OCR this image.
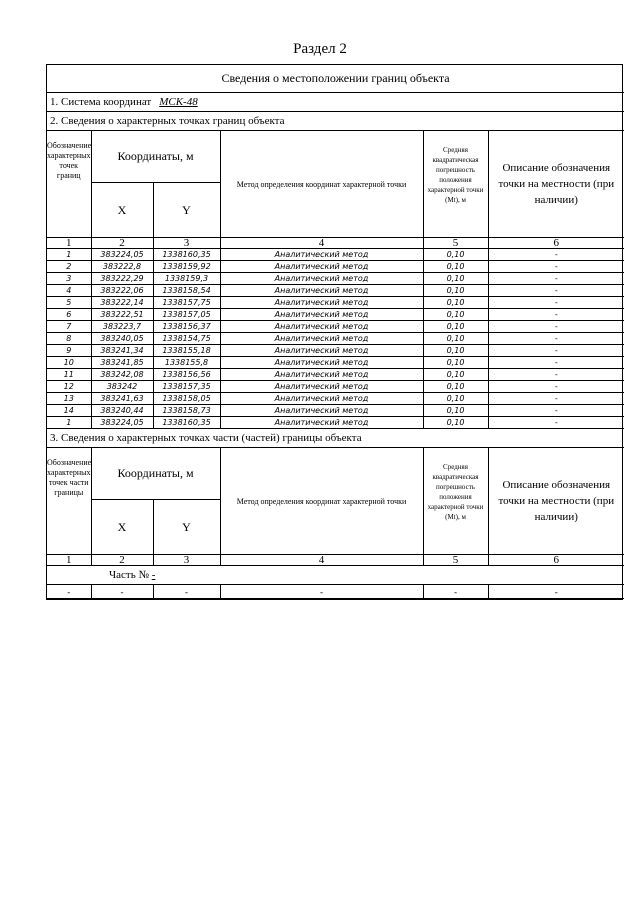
Раздел 2
Сведения о местоположении границ объекта					
1. Система координат МСК-48					
2. Сведения о характерных точках границ объекта					
Обозначение характерных точек границ	Координаты, м		Метод определения координат характерной точки	Средняя квадратическая погрешность положения характерной точки (Mt), м	Описание обозначения точки на местности (при наличии)
	X	Y			
1	2	3	4	5	6
1	383224,05	1338160,35	Аналитический метод	0,10	-
2	383222,8	1338159,92	Аналитический метод	0,10	-
3	383222,29	1338159,3	Аналитический метод	0,10	-
4	383222,06	1338158,54	Аналитический метод	0,10	-
5	383222,14	1338157,75	Аналитический метод	0,10	-
6	383222,51	1338157,05	Аналитический метод	0,10	-
7	383223,7	1338156,37	Аналитический метод	0,10	-
8	383240,05	1338154,75	Аналитический метод	0,10	-
9	383241,34	1338155,18	Аналитический метод	0,10	-
10	383241,85	1338155,8	Аналитический метод	0,10	-
11	383242,08	1338156,56	Аналитический метод	0,10	-
12	383242	1338157,35	Аналитический метод	0,10	-
13	383241,63	1338158,05	Аналитический метод	0,10	-
14	383240,44	1338158,73	Аналитический метод	0,10	-
1	383224,05	1338160,35	Аналитический метод	0,10	-
3. Сведения о характерных точках части (частей) границы объекта					
Обозначение характерных точек части границы	Координаты, м		Метод определения координат характерной точки	Средняя квадратическая погрешность положения характерной точки (Mt), м	Описание обозначения точки на местности (при наличии)
	X	Y			
1	2	3	4	5	6
Часть № -					
-	-	-	-	-	-
